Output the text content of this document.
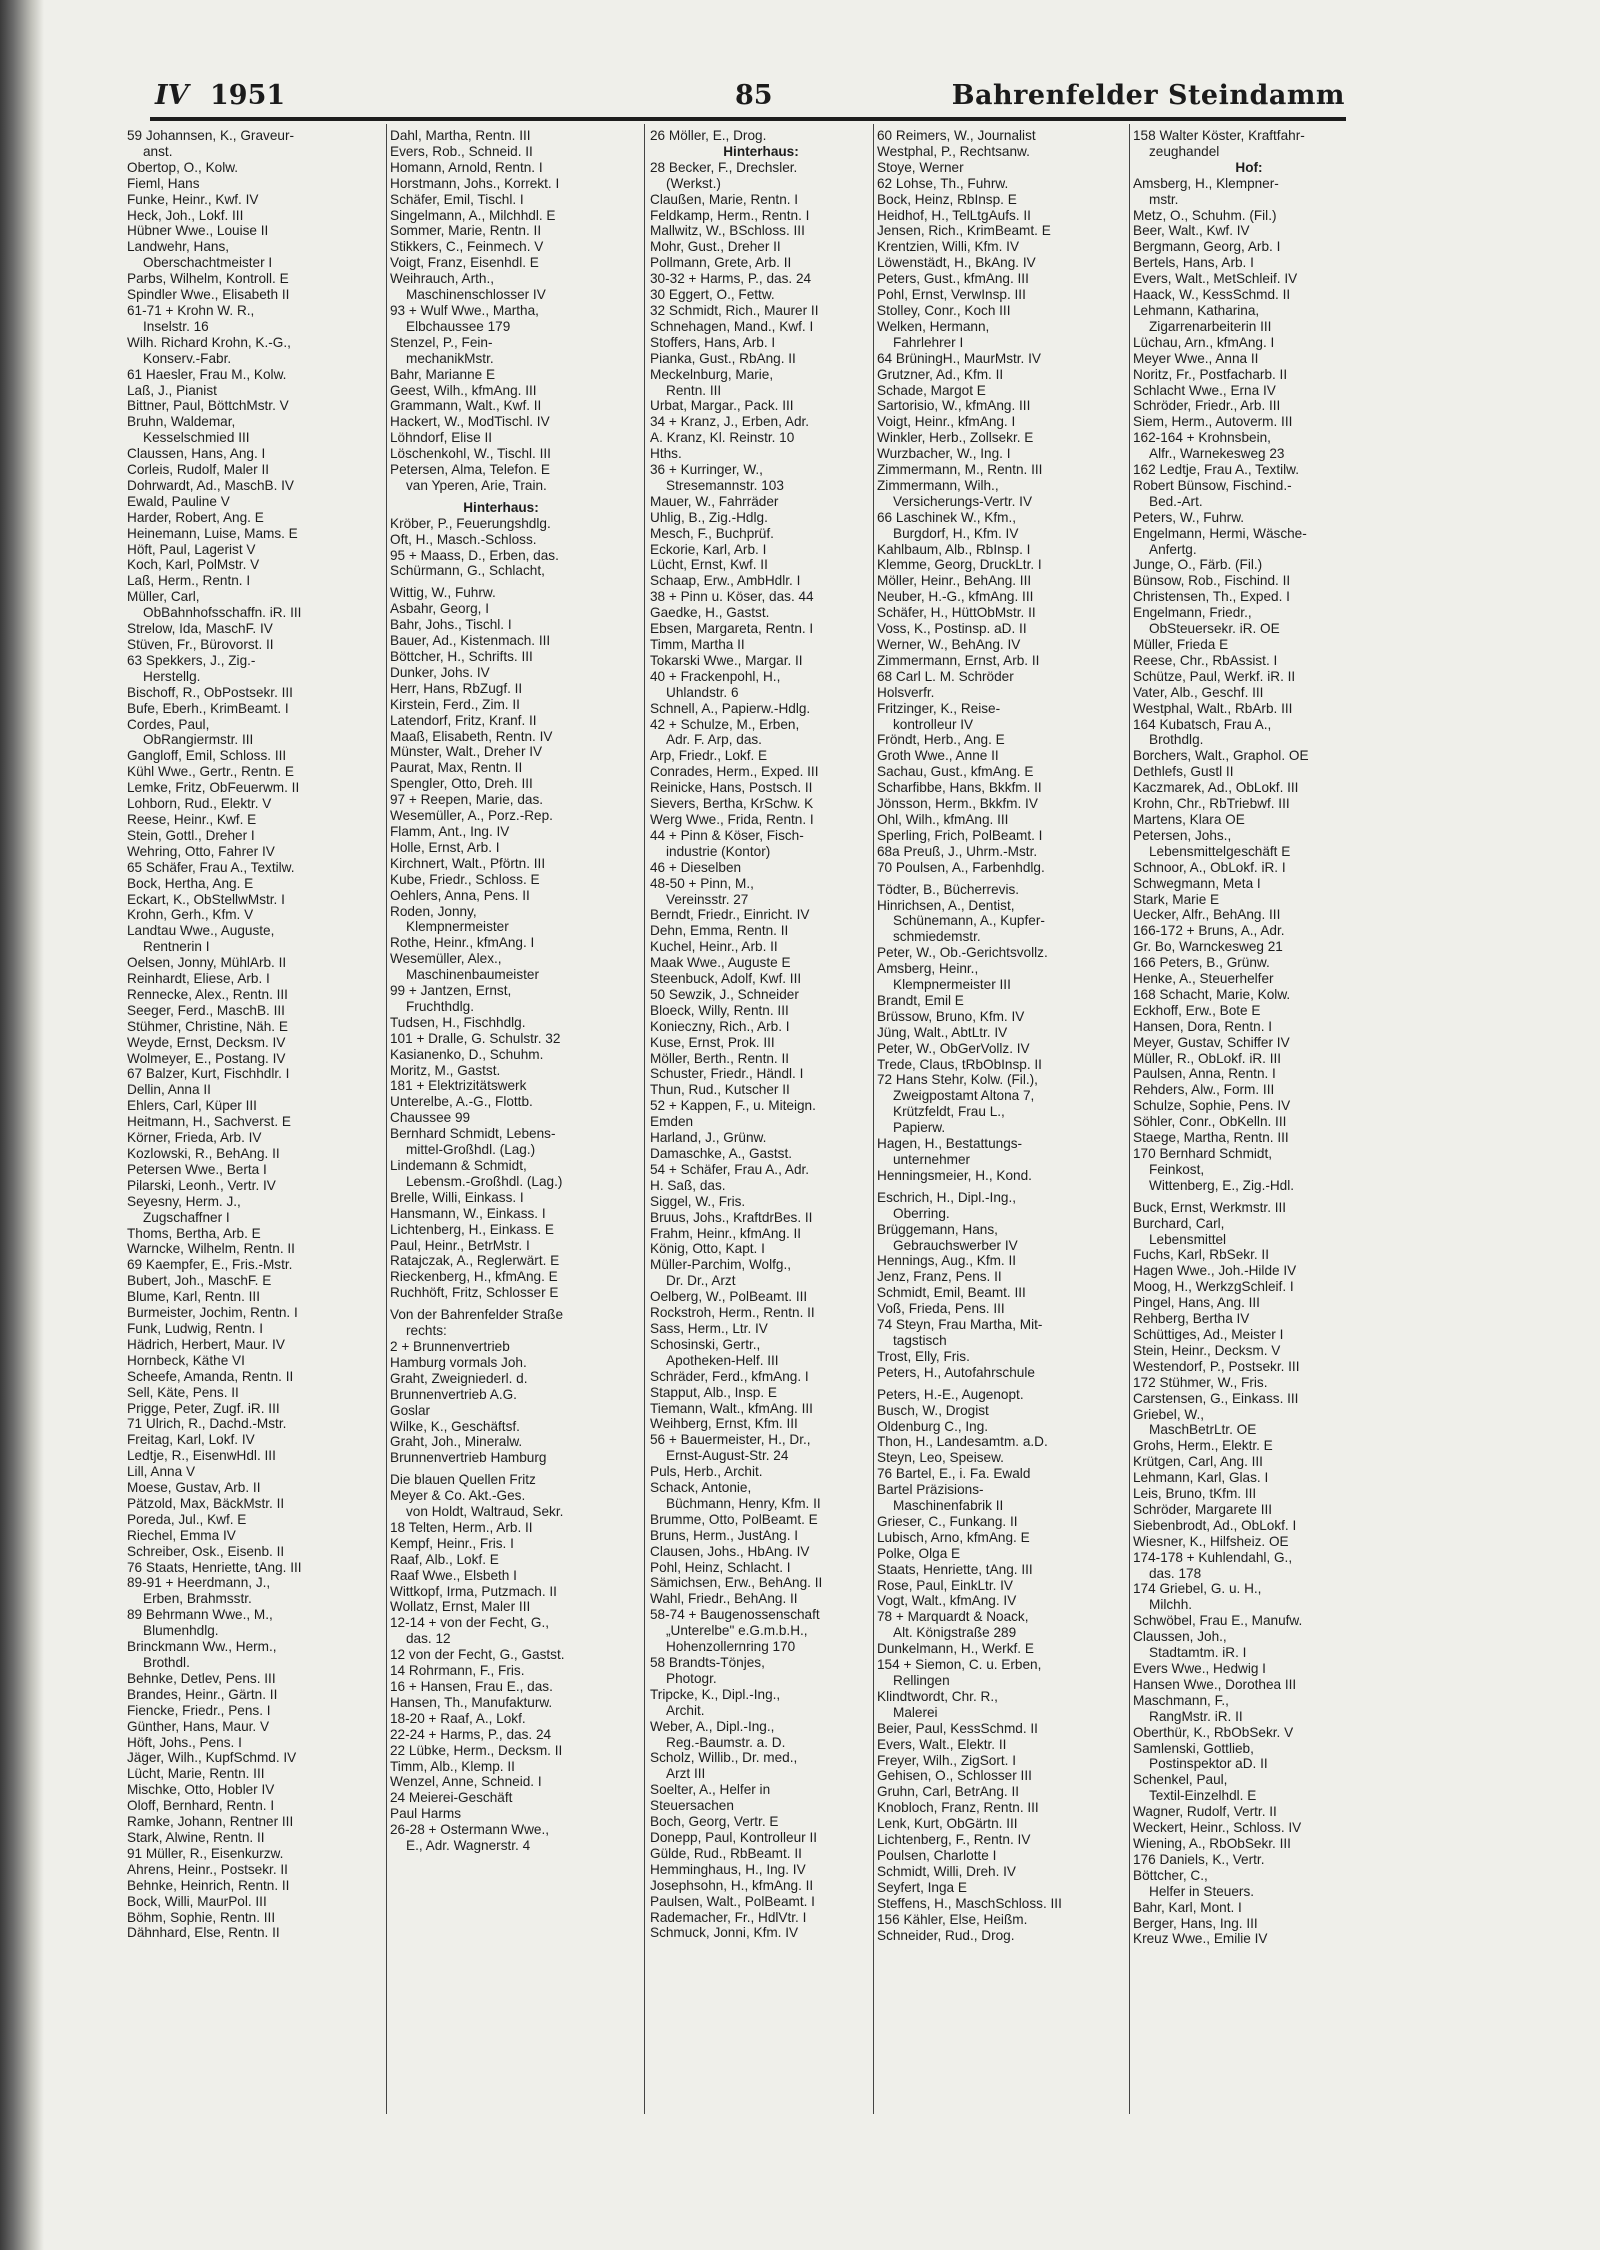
IV 1951	85	Bahrenfelder Steindamm
59 Johannsen, K., Graveur-
anst.
Obertop, O., Kolw.
Fieml, Hans
Funke, Heinr., Kwf. IV
Heck, Joh., Lokf. III
Hübner Wwe., Louise II
Landwehr, Hans,
Oberschachtmeister I
Parbs, Wilhelm, Kontroll. E
Spindler Wwe., Elisabeth II
61-71 + Krohn W. R.,
Inselstr. 16
Wilh. Richard Krohn, K.-G.,
Konserv.-Fabr.
61 Haesler, Frau M., Kolw.
Laß, J., Pianist
Bittner, Paul, BöttchMstr. V
Bruhn, Waldemar,
Kesselschmied III
Claussen, Hans, Ang. I
Corleis, Rudolf, Maler II
Dohrwardt, Ad., MaschB. IV
Ewald, Pauline V
Harder, Robert, Ang. E
Heinemann, Luise, Mams. E
Höft, Paul, Lagerist V
Koch, Karl, PolMstr. V
Laß, Herm., Rentn. I
Müller, Carl,
ObBahnhofsschaffn. iR. III
Strelow, Ida, MaschF. IV
Stüven, Fr., Bürovorst. II
63 Spekkers, J., Zig.-
Herstellg.
Bischoff, R., ObPostsekr. III
Bufe, Eberh., KrimBeamt. I
Cordes, Paul,
ObRangiermstr. III
Gangloff, Emil, Schloss. III
Kühl Wwe., Gertr., Rentn. E
Lemke, Fritz, ObFeuerwm. II
Lohborn, Rud., Elektr. V
Reese, Heinr., Kwf. E
Stein, Gottl., Dreher I
Wehring, Otto, Fahrer IV
65 Schäfer, Frau A., Textilw.
Bock, Hertha, Ang. E
Eckart, K., ObStellwMstr. I
Krohn, Gerh., Kfm. V
Landtau Wwe., Auguste,
Rentnerin I
Oelsen, Jonny, MühlArb. II
Reinhardt, Eliese, Arb. I
Rennecke, Alex., Rentn. III
Seeger, Ferd., MaschB. III
Stühmer, Christine, Näh. E
Weyde, Ernst, Decksm. IV
Wolmeyer, E., Postang. IV
67 Balzer, Kurt, Fischhdlr. I
Dellin, Anna II
Ehlers, Carl, Küper III
Heitmann, H., Sachverst. E
Körner, Frieda, Arb. IV
Kozlowski, R., BehAng. II
Petersen Wwe., Berta I
Pilarski, Leonh., Vertr. IV
Seyesny, Herm. J.,
Zugschaffner I
Thoms, Bertha, Arb. E
Warncke, Wilhelm, Rentn. II
69 Kaempfer, E., Fris.-Mstr.
Bubert, Joh., MaschF. E
Blume, Karl, Rentn. III
Burmeister, Jochim, Rentn. I
Funk, Ludwig, Rentn. I
Hädrich, Herbert, Maur. IV
Hornbeck, Käthe VI
Scheefe, Amanda, Rentn. II
Sell, Käte, Pens. II
Prigge, Peter, Zugf. iR. III
71 Ulrich, R., Dachd.-Mstr.
Freitag, Karl, Lokf. IV
Ledtje, R., EisenwHdl. III
Lill, Anna V
Moese, Gustav, Arb. II
Pätzold, Max, BäckMstr. II
Poreda, Jul., Kwf. E
Riechel, Emma IV
Schreiber, Osk., Eisenb. II
76 Staats, Henriette, tAng. III
89-91 + Heerdmann, J.,
Erben, Brahmsstr.
89 Behrmann Wwe., M.,
Blumenhdlg.
Brinckmann Ww., Herm.,
Brothdl.
Behnke, Detlev, Pens. III
Brandes, Heinr., Gärtn. II
Fiencke, Friedr., Pens. I
Günther, Hans, Maur. V
Höft, Johs., Pens. I
Jäger, Wilh., KupfSchmd. IV
Lücht, Marie, Rentn. III
Mischke, Otto, Hobler IV
Oloff, Bernhard, Rentn. I
Ramke, Johann, Rentner III
Stark, Alwine, Rentn. II
91 Müller, R., Eisenkurzw.
Ahrens, Heinr., Postsekr. II
Behnke, Heinrich, Rentn. II
Bock, Willi, MaurPol. III
Böhm, Sophie, Rentn. III
Dähnhard, Else, Rentn. II
Dahl, Martha, Rentn. III
Evers, Rob., Schneid. II
Homann, Arnold, Rentn. I
Horstmann, Johs., Korrekt. I
Schäfer, Emil, Tischl. I
Singelmann, A., Milchhdl. E
Sommer, Marie, Rentn. II
Stikkers, C., Feinmech. V
Voigt, Franz, Eisenhdl. E
Weihrauch, Arth.,
Maschinenschlosser IV
93 + Wulf Wwe., Martha,
Elbchaussee 179
Stenzel, P., Fein-
mechanikMstr.
Bahr, Marianne E
Geest, Wilh., kfmAng. III
Grammann, Walt., Kwf. II
Hackert, W., ModTischl. IV
Löhndorf, Elise II
Löschenkohl, W., Tischl. III
Petersen, Alma, Telefon. E
van Yperen, Arie, Train.
Hinterhaus:
Kröber, P., Feuerungshdlg.
Oft, H., Masch.-Schloss.
95 + Maass, D., Erben, das.
Schürmann, G., Schlacht,
Wittig, W., Fuhrw.
Asbahr, Georg, I
Bahr, Johs., Tischl. I
Bauer, Ad., Kistenmach. III
Böttcher, H., Schrifts. III
Dunker, Johs. IV
Herr, Hans, RbZugf. II
Kirstein, Ferd., Zim. II
Latendorf, Fritz, Kranf. II
Maaß, Elisabeth, Rentn. IV
Münster, Walt., Dreher IV
Paurat, Max, Rentn. II
Spengler, Otto, Dreh. III
97 + Reepen, Marie, das.
Wesemüller, A., Porz.-Rep.
Flamm, Ant., Ing. IV
Holle, Ernst, Arb. I
Kirchnert, Walt., Pförtn. III
Kube, Friedr., Schloss. E
Oehlers, Anna, Pens. II
Roden, Jonny,
Klempnermeister
Rothe, Heinr., kfmAng. I
Wesemüller, Alex.,
Maschinenbaumeister
99 + Jantzen, Ernst,
Fruchthdlg.
Tudsen, H., Fischhdlg.
101 + Dralle, G. Schulstr. 32
Kasianenko, D., Schuhm.
Moritz, M., Gastst.
181 + Elektrizitätswerk
Unterelbe, A.-G., Flottb.
Chaussee 99
Bernhard Schmidt, Lebens-
mittel-Großhdl. (Lag.)
Lindemann & Schmidt,
Lebensm.-Großhdl. (Lag.)
Brelle, Willi, Einkass. I
Hansmann, W., Einkass. I
Lichtenberg, H., Einkass. E
Paul, Heinr., BetrMstr. I
Ratajczak, A., Reglerwärt. E
Rieckenberg, H., kfmAng. E
Ruchhöft, Fritz, Schlosser E
Von der Bahrenfelder Straße
rechts:
2 + Brunnenvertrieb
Hamburg vormals Joh.
Graht, Zweigniederl. d.
Brunnenvertrieb A.G.
Goslar
Wilke, K., Geschäftsf.
Graht, Joh., Mineralw.
Brunnenvertrieb Hamburg
Die blauen Quellen Fritz
Meyer & Co. Akt.-Ges.
von Holdt, Waltraud, Sekr.
18 Telten, Herm., Arb. II
Kempf, Heinr., Fris. I
Raaf, Alb., Lokf. E
Raaf Wwe., Elsbeth I
Wittkopf, Irma, Putzmach. II
Wollatz, Ernst, Maler III
12-14 + von der Fecht, G.,
das. 12
12 von der Fecht, G., Gastst.
14 Rohrmann, F., Fris.
16 + Hansen, Frau E., das.
Hansen, Th., Manufakturw.
18-20 + Raaf, A., Lokf.
22-24 + Harms, P., das. 24
22 Lübke, Herm., Decksm. II
Timm, Alb., Klemp. II
Wenzel, Anne, Schneid. I
24 Meierei-Geschäft
Paul Harms
26-28 + Ostermann Wwe.,
E., Adr. Wagnerstr. 4
26 Möller, E., Drog.
Hinterhaus:
28 Becker, F., Drechsler.
(Werkst.)
Claußen, Marie, Rentn. I
Feldkamp, Herm., Rentn. I
Mallwitz, W., BSchloss. III
Mohr, Gust., Dreher II
Pollmann, Grete, Arb. II
30-32 + Harms, P., das. 24
30 Eggert, O., Fettw.
32 Schmidt, Rich., Maurer II
Schnehagen, Mand., Kwf. I
Stoffers, Hans, Arb. I
Pianka, Gust., RbAng. II
Meckelnburg, Marie,
Rentn. III
Urbat, Margar., Pack. III
34 + Kranz, J., Erben, Adr.
A. Kranz, Kl. Reinstr. 10
Hths.
36 + Kurringer, W.,
Stresemannstr. 103
Mauer, W., Fahrräder
Uhlig, B., Zig.-Hdlg.
Mesch, F., Buchprüf.
Eckorie, Karl, Arb. I
Lücht, Ernst, Kwf. II
Schaap, Erw., AmbHdlr. I
38 + Pinn u. Köser, das. 44
Gaedke, H., Gastst.
Ebsen, Margareta, Rentn. I
Timm, Martha II
Tokarski Wwe., Margar. II
40 + Frackenpohl, H.,
Uhlandstr. 6
Schnell, A., Papierw.-Hdlg.
42 + Schulze, M., Erben,
Adr. F. Arp, das.
Arp, Friedr., Lokf. E
Conrades, Herm., Exped. III
Reinicke, Hans, Postsch. II
Sievers, Bertha, KrSchw. K
Werg Wwe., Frida, Rentn. I
44 + Pinn & Köser, Fisch-
industrie (Kontor)
46 + Dieselben
48-50 + Pinn, M.,
Vereinsstr. 27
Berndt, Friedr., Einricht. IV
Dehn, Emma, Rentn. II
Kuchel, Heinr., Arb. II
Maak Wwe., Auguste E
Steenbuck, Adolf, Kwf. III
50 Sewzik, J., Schneider
Bloeck, Willy, Rentn. III
Konieczny, Rich., Arb. I
Kuse, Ernst, Prok. III
Möller, Berth., Rentn. II
Schuster, Friedr., Händl. I
Thun, Rud., Kutscher II
52 + Kappen, F., u. Miteign.
Emden
Harland, J., Grünw.
Damaschke, A., Gastst.
54 + Schäfer, Frau A., Adr.
H. Saß, das.
Siggel, W., Fris.
Bruus, Johs., KraftdrBes. II
Frahm, Heinr., kfmAng. II
König, Otto, Kapt. I
Müller-Parchim, Wolfg.,
Dr. Dr., Arzt
Oelberg, W., PolBeamt. III
Rockstroh, Herm., Rentn. II
Sass, Herm., Ltr. IV
Schosinski, Gertr.,
Apotheken-Helf. III
Schräder, Ferd., kfmAng. I
Stapput, Alb., Insp. E
Tiemann, Walt., kfmAng. III
Weihberg, Ernst, Kfm. III
56 + Bauermeister, H., Dr.,
Ernst-August-Str. 24
Puls, Herb., Archit.
Schack, Antonie,
Büchmann, Henry, Kfm. II
Brumme, Otto, PolBeamt. E
Bruns, Herm., JustAng. I
Clausen, Johs., HbAng. IV
Pohl, Heinz, Schlacht. I
Sämichsen, Erw., BehAng. II
Wahl, Friedr., BehAng. II
58-74 + Baugenossenschaft
„Unterelbe" e.G.m.b.H.,
Hohenzollernring 170
58 Brandts-Tönjes,
Photogr.
Tripcke, K., Dipl.-Ing.,
Archit.
Weber, A., Dipl.-Ing.,
Reg.-Baumstr. a. D.
Scholz, Willib., Dr. med.,
Arzt III
Soelter, A., Helfer in
Steuersachen
Boch, Georg, Vertr. E
Donepp, Paul, Kontrolleur II
Gülde, Rud., RbBeamt. II
Hemminghaus, H., Ing. IV
Josephsohn, H., kfmAng. II
Paulsen, Walt., PolBeamt. I
Rademacher, Fr., HdlVtr. I
Schmuck, Jonni, Kfm. IV
60 Reimers, W., Journalist
Westphal, P., Rechtsanw.
Stoye, Werner
62 Lohse, Th., Fuhrw.
Bock, Heinz, RbInsp. E
Heidhof, H., TelLtgAufs. II
Jensen, Rich., KrimBeamt. E
Krentzien, Willi, Kfm. IV
Löwenstädt, H., BkAng. IV
Peters, Gust., kfmAng. III
Pohl, Ernst, VerwInsp. III
Stolley, Conr., Koch III
Welken, Hermann,
Fahrlehrer I
64 BrüningH., MaurMstr. IV
Grutzner, Ad., Kfm. II
Schade, Margot E
Sartorisio, W., kfmAng. III
Voigt, Heinr., kfmAng. I
Winkler, Herb., Zollsekr. E
Wurzbacher, W., Ing. I
Zimmermann, M., Rentn. III
Zimmermann, Wilh.,
Versicherungs-Vertr. IV
66 Laschinek W., Kfm.,
Burgdorf, H., Kfm. IV
Kahlbaum, Alb., RbInsp. I
Klemme, Georg, DruckLtr. I
Möller, Heinr., BehAng. III
Neuber, H.-G., kfmAng. III
Schäfer, H., HüttObMstr. II
Voss, K., Postinsp. aD. II
Werner, W., BehAng. IV
Zimmermann, Ernst, Arb. II
68 Carl L. M. Schröder
Holsverfr.
Fritzinger, K., Reise-
kontrolleur IV
Fröndt, Herb., Ang. E
Groth Wwe., Anne II
Sachau, Gust., kfmAng. E
Scharfibbe, Hans, Bkkfm. II
Jönsson, Herm., Bkkfm. IV
Ohl, Wilh., kfmAng. III
Sperling, Frich, PolBeamt. I
68a Preuß, J., Uhrm.-Mstr.
70 Poulsen, A., Farbenhdlg.
Tödter, B., Bücherrevis.
Hinrichsen, A., Dentist,
Schünemann, A., Kupfer-
schmiedemstr.
Peter, W., Ob.-Gerichtsvollz.
Amsberg, Heinr.,
Klempnermeister III
Brandt, Emil E
Brüssow, Bruno, Kfm. IV
Jüng, Walt., AbtLtr. IV
Peter, W., ObGerVollz. IV
Trede, Claus, tRbObInsp. II
72 Hans Stehr, Kolw. (Fil.),
Zweigpostamt Altona 7,
Krützfeldt, Frau L.,
Papierw.
Hagen, H., Bestattungs-
unternehmer
Henningsmeier, H., Kond.
Eschrich, H., Dipl.-Ing.,
Oberring.
Brüggemann, Hans,
Gebrauchswerber IV
Hennings, Aug., Kfm. II
Jenz, Franz, Pens. II
Schmidt, Emil, Beamt. III
Voß, Frieda, Pens. III
74 Steyn, Frau Martha, Mit-
tagstisch
Trost, Elly, Fris.
Peters, H., Autofahrschule
Peters, H.-E., Augenopt.
Busch, W., Drogist
Oldenburg C., Ing.
Thon, H., Landesamtm. a.D.
Steyn, Leo, Speisew.
76 Bartel, E., i. Fa. Ewald
Bartel Präzisions-
Maschinenfabrik II
Grieser, C., Funkang. II
Lubisch, Arno, kfmAng. E
Polke, Olga E
Staats, Henriette, tAng. III
Rose, Paul, EinkLtr. IV
Vogt, Walt., kfmAng. IV
78 + Marquardt & Noack,
Alt. Königstraße 289
Dunkelmann, H., Werkf. E
154 + Siemon, C. u. Erben,
Rellingen
Klindtwordt, Chr. R.,
Malerei
Beier, Paul, KessSchmd. II
Evers, Walt., Elektr. II
Freyer, Wilh., ZigSort. I
Gehisen, O., Schlosser III
Gruhn, Carl, BetrAng. II
Knobloch, Franz, Rentn. III
Lenk, Kurt, ObGärtn. III
Lichtenberg, F., Rentn. IV
Poulsen, Charlotte I
Schmidt, Willi, Dreh. IV
Seyfert, Inga E
Steffens, H., MaschSchloss. III
156 Kähler, Else, Heißm.
Schneider, Rud., Drog.
158 Walter Köster, Kraftfahr-
zeughandel
Hof:
Amsberg, H., Klempner-
mstr.
Metz, O., Schuhm. (Fil.)
Beer, Walt., Kwf. IV
Bergmann, Georg, Arb. I
Bertels, Hans, Arb. I
Evers, Walt., MetSchleif. IV
Haack, W., KessSchmd. II
Lehmann, Katharina,
Zigarrenarbeiterin III
Lüchau, Arn., kfmAng. I
Meyer Wwe., Anna II
Noritz, Fr., Postfacharb. II
Schlacht Wwe., Erna IV
Schröder, Friedr., Arb. III
Siem, Herm., Autoverm. III
162-164 + Krohnsbein,
Alfr., Warnekesweg 23
162 Ledtje, Frau A., Textilw.
Robert Bünsow, Fischind.-
Bed.-Art.
Peters, W., Fuhrw.
Engelmann, Hermi, Wäsche-
Anfertg.
Junge, O., Färb. (Fil.)
Bünsow, Rob., Fischind. II
Christensen, Th., Exped. I
Engelmann, Friedr.,
ObSteuersekr. iR. OE
Müller, Frieda E
Reese, Chr., RbAssist. I
Schütze, Paul, Werkf. iR. II
Vater, Alb., Geschf. III
Westphal, Walt., RbArb. III
164 Kubatsch, Frau A.,
Brothdlg.
Borchers, Walt., Graphol. OE
Dethlefs, Gustl II
Kaczmarek, Ad., ObLokf. III
Krohn, Chr., RbTriebwf. III
Martens, Klara OE
Petersen, Johs.,
Lebensmittelgeschäft E
Schnoor, A., ObLokf. iR. I
Schwegmann, Meta I
Stark, Marie E
Uecker, Alfr., BehAng. III
166-172 + Bruns, A., Adr.
Gr. Bo, Warnckesweg 21
166 Peters, B., Grünw.
Henke, A., Steuerhelfer
168 Schacht, Marie, Kolw.
Eckhoff, Erw., Bote E
Hansen, Dora, Rentn. I
Meyer, Gustav, Schiffer IV
Müller, R., ObLokf. iR. III
Paulsen, Anna, Rentn. I
Rehders, Alw., Form. III
Schulze, Sophie, Pens. IV
Söhler, Conr., ObKelln. III
Staege, Martha, Rentn. III
170 Bernhard Schmidt,
Feinkost,
Wittenberg, E., Zig.-Hdl.
Buck, Ernst, Werkmstr. III
Burchard, Carl,
Lebensmittel
Fuchs, Karl, RbSekr. II
Hagen Wwe., Joh.-Hilde IV
Moog, H., WerkzgSchleif. I
Pingel, Hans, Ang. III
Rehberg, Bertha IV
Schüttiges, Ad., Meister I
Stein, Heinr., Decksm. V
Westendorf, P., Postsekr. III
172 Stühmer, W., Fris.
Carstensen, G., Einkass. III
Griebel, W.,
MaschBetrLtr. OE
Grohs, Herm., Elektr. E
Krütgen, Carl, Ang. III
Lehmann, Karl, Glas. I
Leis, Bruno, tKfm. III
Schröder, Margarete III
Siebenbrodt, Ad., ObLokf. I
Wiesner, K., Hilfsheiz. OE
174-178 + Kuhlendahl, G.,
das. 178
174 Griebel, G. u. H.,
Milchh.
Schwöbel, Frau E., Manufw.
Claussen, Joh.,
Stadtamtm. iR. I
Evers Wwe., Hedwig I
Hansen Wwe., Dorothea III
Maschmann, F.,
RangMstr. iR. II
Oberthür, K., RbObSekr. V
Samlenski, Gottlieb,
Postinspektor aD. II
Schenkel, Paul,
Textil-Einzelhdl. E
Wagner, Rudolf, Vertr. II
Weckert, Heinr., Schloss. IV
Wiening, A., RbObSekr. III
176 Daniels, K., Vertr.
Böttcher, C.,
Helfer in Steuers.
Bahr, Karl, Mont. I
Berger, Hans, Ing. III
Kreuz Wwe., Emilie IV
